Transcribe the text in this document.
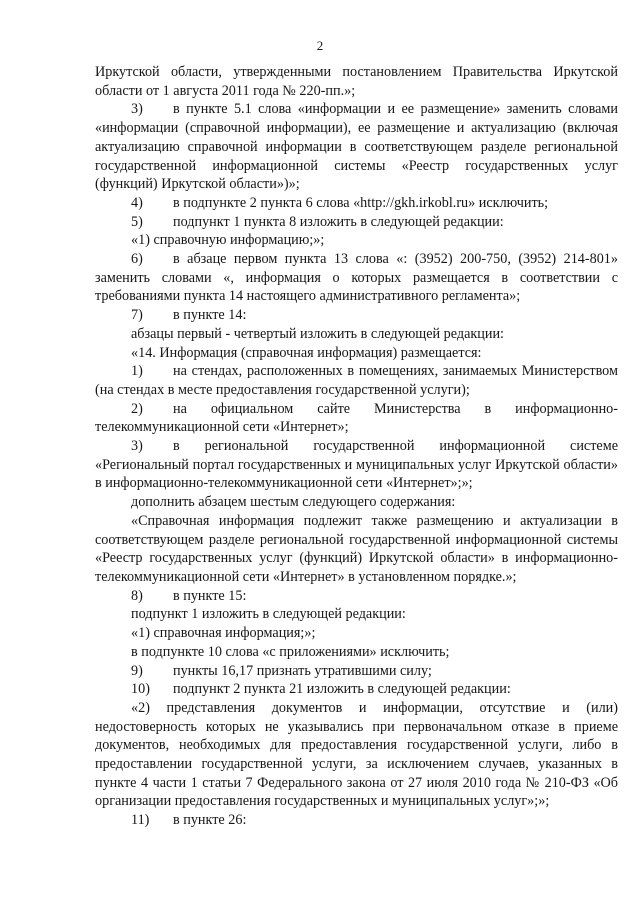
2

Иркутской области, утвержденными постановлением Правительства Иркутской области от 1 августа 2011 года № 220-пп.»;

3) в пункте 5.1 слова «информации и ее размещение» заменить словами «информации (справочной информации), ее размещение и актуализацию (включая актуализацию справочной информации в соответствующем разделе региональной государственной информационной системы «Реестр государственных услуг (функций) Иркутской области»)»;

4) в подпункте 2 пункта 6 слова «http://gkh.irkobl.ru» исключить;

5) подпункт 1 пункта 8 изложить в следующей редакции:

«1) справочную информацию;»;

6) в абзаце первом пункта 13 слова «: (3952) 200-750, (3952) 214-801» заменить словами «, информация о которых размещается в соответствии с требованиями пункта 14 настоящего административного регламента»;

7) в пункте 14:

абзацы первый - четвертый изложить в следующей редакции:

«14. Информация (справочная информация) размещается:

1) на стендах, расположенных в помещениях, занимаемых Министерством (на стендах в месте предоставления государственной услуги);

2) на официальном сайте Министерства в информационно-телекоммуникационной сети «Интернет»;

3) в региональной государственной информационной системе «Региональный портал государственных и муниципальных услуг Иркутской области» в информационно-телекоммуникационной сети «Интернет»;»;

дополнить абзацем шестым следующего содержания:

«Справочная информация подлежит также размещению и актуализации в соответствующем разделе региональной государственной информационной системы «Реестр государственных услуг (функций) Иркутской области» в информационно-телекоммуникационной сети «Интернет» в установленном порядке.»;

8) в пункте 15:

подпункт 1 изложить в следующей редакции:

«1) справочная информация;»;

в подпункте 10 слова «с приложениями» исключить;

9) пункты 16,17 признать утратившими силу;

10) подпункт 2 пункта 21 изложить в следующей редакции:

«2) представления документов и информации, отсутствие и (или) недостоверность которых не указывались при первоначальном отказе в приеме документов, необходимых для предоставления государственной услуги, либо в предоставлении государственной услуги, за исключением случаев, указанных в пункте 4 части 1 статьи 7 Федерального закона от 27 июля 2010 года № 210-ФЗ «Об организации предоставления государственных и муниципальных услуг»;»;

11) в пункте 26:
